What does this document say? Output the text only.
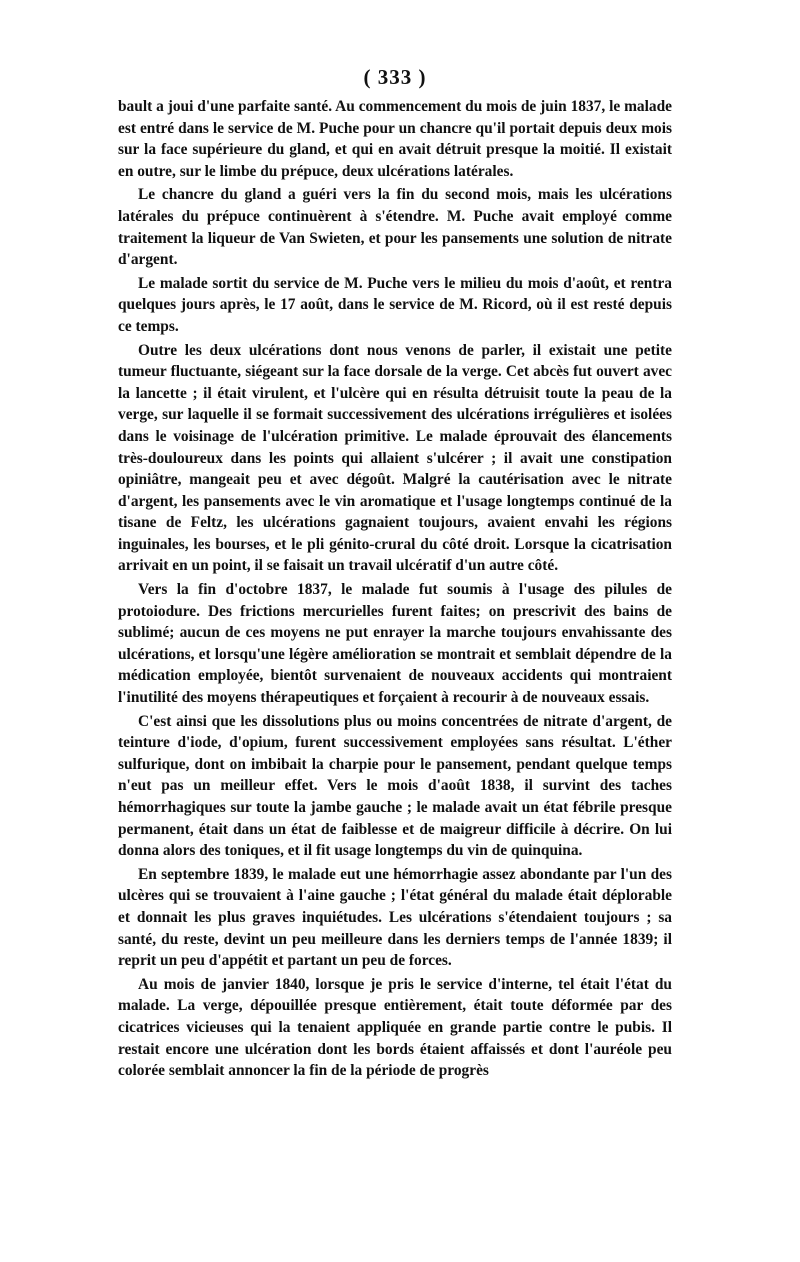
( 333 )

bault a joui d'une parfaite santé. Au commencement du mois de juin 1837, le malade est entré dans le service de M. Puche pour un chancre qu'il portait depuis deux mois sur la face supérieure du gland, et qui en avait détruit presque la moitié. Il existait en outre, sur le limbe du prépuce, deux ulcérations latérales.

Le chancre du gland a guéri vers la fin du second mois, mais les ulcérations latérales du prépuce continuèrent à s'étendre. M. Puche avait employé comme traitement la liqueur de Van Swieten, et pour les pansements une solution de nitrate d'argent.

Le malade sortit du service de M. Puche vers le milieu du mois d'août, et rentra quelques jours après, le 17 août, dans le service de M. Ricord, où il est resté depuis ce temps.

Outre les deux ulcérations dont nous venons de parler, il existait une petite tumeur fluctuante, siégeant sur la face dorsale de la verge. Cet abcès fut ouvert avec la lancette ; il était virulent, et l'ulcère qui en résulta détruisit toute la peau de la verge, sur laquelle il se formait successivement des ulcérations irrégulières et isolées dans le voisinage de l'ulcération primitive. Le malade éprouvait des élancements très-douloureux dans les points qui allaient s'ulcérer ; il avait une constipation opiniâtre, mangeait peu et avec dégoût. Malgré la cautérisation avec le nitrate d'argent, les pansements avec le vin aromatique et l'usage longtemps continué de la tisane de Feltz, les ulcérations gagnaient toujours, avaient envahi les régions inguinales, les bourses, et le pli génito-crural du côté droit. Lorsque la cicatrisation arrivait en un point, il se faisait un travail ulcératif d'un autre côté.

Vers la fin d'octobre 1837, le malade fut soumis à l'usage des pilules de protoiodure. Des frictions mercurielles furent faites; on prescrivit des bains de sublimé; aucun de ces moyens ne put enrayer la marche toujours envahissante des ulcérations, et lorsqu'une légère amélioration se montrait et semblait dépendre de la médication employée, bientôt survenaient de nouveaux accidents qui montraient l'inutilité des moyens thérapeutiques et forçaient à recourir à de nouveaux essais.

C'est ainsi que les dissolutions plus ou moins concentrées de nitrate d'argent, de teinture d'iode, d'opium, furent successivement employées sans résultat. L'éther sulfurique, dont on imbibait la charpie pour le pansement, pendant quelque temps n'eut pas un meilleur effet. Vers le mois d'août 1838, il survint des taches hémorrhagiques sur toute la jambe gauche ; le malade avait un état fébrile presque permanent, était dans un état de faiblesse et de maigreur difficile à décrire. On lui donna alors des toniques, et il fit usage longtemps du vin de quinquina.

En septembre 1839, le malade eut une hémorrhagie assez abondante par l'un des ulcères qui se trouvaient à l'aine gauche ; l'état général du malade était déplorable et donnait les plus graves inquiétudes. Les ulcérations s'étendaient toujours ; sa santé, du reste, devint un peu meilleure dans les derniers temps de l'année 1839; il reprit un peu d'appétit et partant un peu de forces.

Au mois de janvier 1840, lorsque je pris le service d'interne, tel était l'état du malade. La verge, dépouillée presque entièrement, était toute déformée par des cicatrices vicieuses qui la tenaient appliquée en grande partie contre le pubis. Il restait encore une ulcération dont les bords étaient affaissés et dont l'auréole peu colorée semblait annoncer la fin de la période de progrès
